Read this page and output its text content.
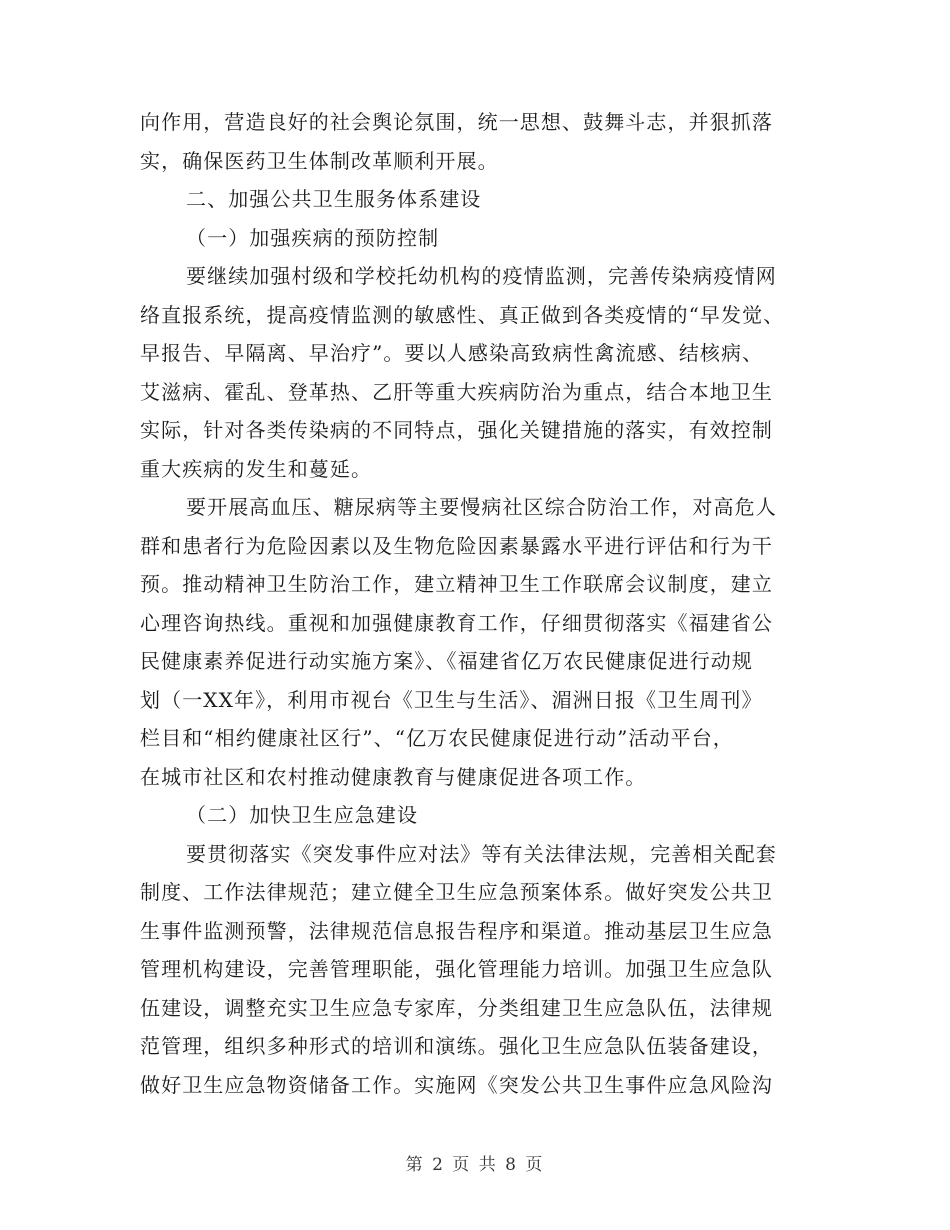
向作用，营造良好的社会舆论氛围，统一思想、鼓舞斗志，并狠抓落
实，确保医药卫生体制改革顺利开展。
二、加强公共卫生服务体系建设
（一）加强疾病的预防控制
要继续加强村级和学校托幼机构的疫情监测，完善传染病疫情网
络直报系统，提高疫情监测的敏感性、真正做到各类疫情的“早发觉、
早报告、早隔离、早治疗”。要以人感染高致病性禽流感、结核病、
艾滋病、霍乱、登革热、乙肝等重大疾病防治为重点，结合本地卫生
实际，针对各类传染病的不同特点，强化关键措施的落实，有效控制
重大疾病的发生和蔓延。
要开展高血压、糖尿病等主要慢病社区综合防治工作，对高危人
群和患者行为危险因素以及生物危险因素暴露水平进行评估和行为干
预。推动精神卫生防治工作，建立精神卫生工作联席会议制度，建立
心理咨询热线。重视和加强健康教育工作，仔细贯彻落实《福建省公
民健康素养促进行动实施方案》、《福建省亿万农民健康促进行动规
划（一XX年》，利用市视台《卫生与生活》、湄洲日报《卫生周刊》
栏目和“相约健康社区行”、“亿万农民健康促进行动”活动平台，
在城市社区和农村推动健康教育与健康促进各项工作。
（二）加快卫生应急建设
要贯彻落实《突发事件应对法》等有关法律法规，完善相关配套
制度、工作法律规范；建立健全卫生应急预案体系。做好突发公共卫
生事件监测预警，法律规范信息报告程序和渠道。推动基层卫生应急
管理机构建设，完善管理职能，强化管理能力培训。加强卫生应急队
伍建设，调整充实卫生应急专家库，分类组建卫生应急队伍，法律规
范管理，组织多种形式的培训和演练。强化卫生应急队伍装备建设，
做好卫生应急物资储备工作。实施网《突发公共卫生事件应急风险沟
第 2 页 共 8 页
